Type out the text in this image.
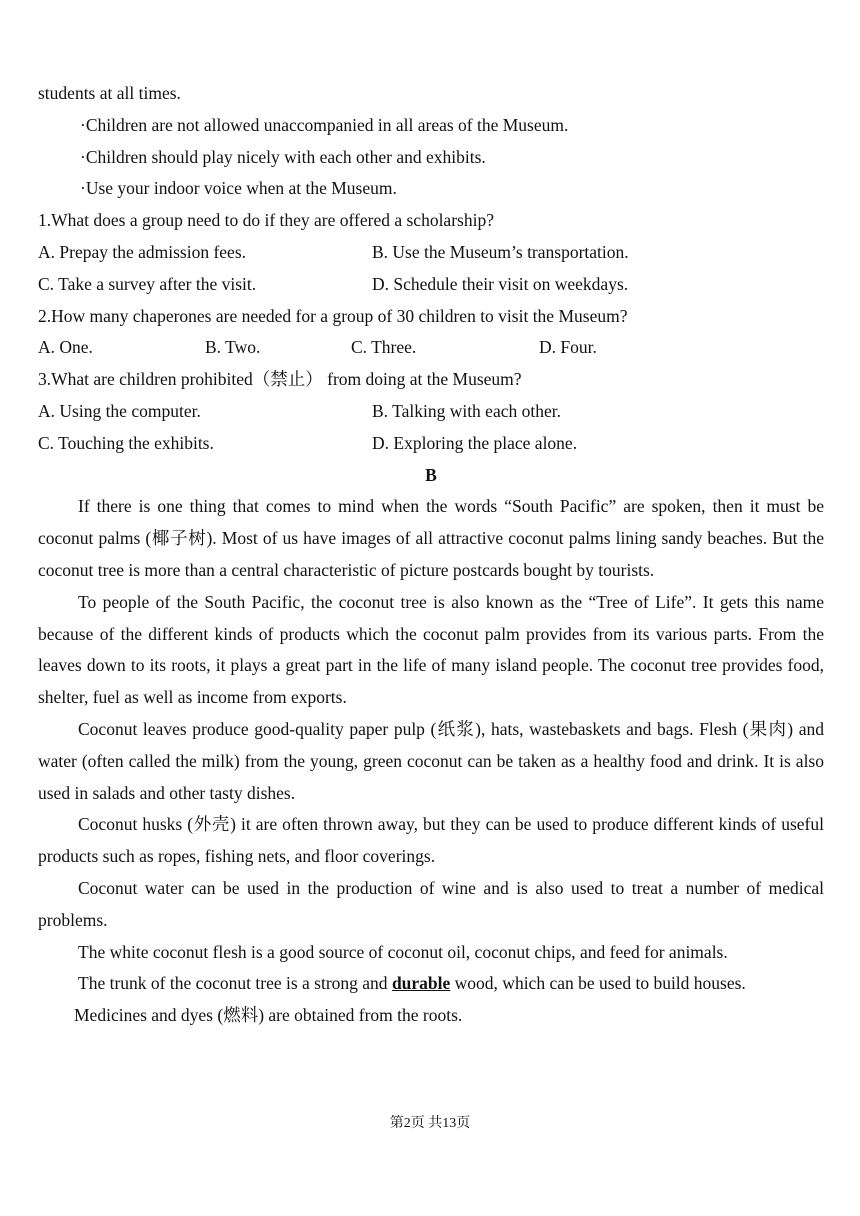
students at all times.
·Children are not allowed unaccompanied in all areas of the Museum.
·Children should play nicely with each other and exhibits.
·Use your indoor voice when at the Museum.
1.What does a group need to do if they are offered a scholarship?
A. Prepay the admission fees.	B. Use the Museum’s transportation.
C. Take a survey after the visit.	D. Schedule their visit on weekdays.
2.How many chaperones are needed for a group of 30 children to visit the Museum?
A. One.	B. Two.	C. Three.	D. Four.
3.What are children prohibited（禁止） from doing at the Museum?
A. Using the computer.	B. Talking with each other.
C. Touching the exhibits.	D. Exploring the place alone.
B

If there is one thing that comes to mind when the words “South Pacific” are spoken, then it must be coconut palms (椰子树). Most of us have images of all attractive coconut palms lining sandy beaches. But the coconut tree is more than a central characteristic of picture postcards bought by tourists.

To people of the South Pacific, the coconut tree is also known as the “Tree of Life”. It gets this name because of the different kinds of products which the coconut palm provides from its various parts. From the leaves down to its roots, it plays a great part in the life of many island people. The coconut tree provides food, shelter, fuel as well as income from exports.

Coconut leaves produce good-quality paper pulp (纸浆), hats, wastebaskets and bags. Flesh (果肉) and water (often called the milk) from the young, green coconut can be taken as a healthy food and drink. It is also used in salads and other tasty dishes.

Coconut husks (外壳) it are often thrown away, but they can be used to produce different kinds of useful products such as ropes, fishing nets, and floor coverings.

Coconut water can be used in the production of wine and is also used to treat a number of medical problems.

The white coconut flesh is a good source of coconut oil, coconut chips, and feed for animals.

The trunk of the coconut tree is a strong and durable wood, which can be used to build houses.

Medicines and dyes (燃料) are obtained from the roots.

第2页 共13页
